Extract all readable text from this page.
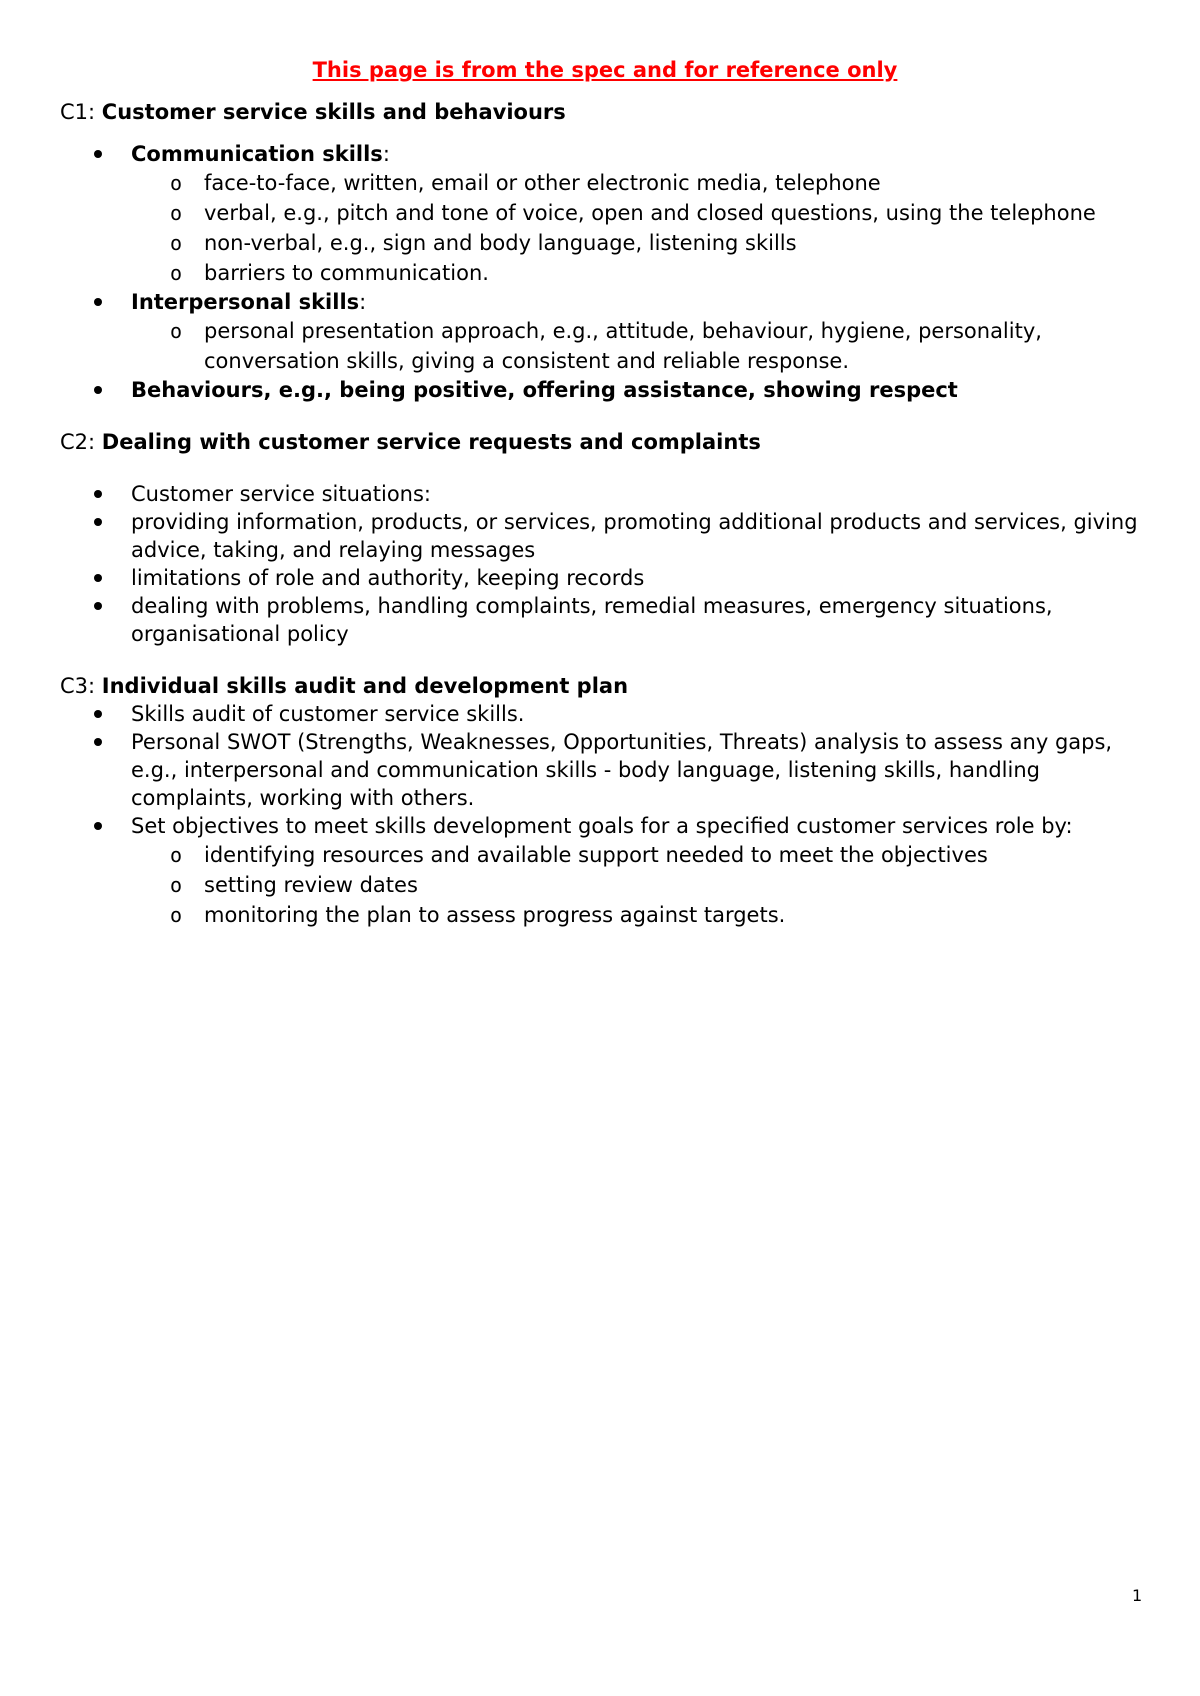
This page is from the spec and for reference only

C1: Customer service skills and behaviours

Communication skills:
o face-to-face, written, email or other electronic media, telephone
o verbal, e.g., pitch and tone of voice, open and closed questions, using the telephone
o non-verbal, e.g., sign and body language, listening skills
o barriers to communication.
Interpersonal skills:
o personal presentation approach, e.g., attitude, behaviour, hygiene, personality, conversation skills, giving a consistent and reliable response.
Behaviours, e.g., being positive, offering assistance, showing respect

C2: Dealing with customer service requests and complaints

Customer service situations:
providing information, products, or services, promoting additional products and services, giving advice, taking, and relaying messages
limitations of role and authority, keeping records
dealing with problems, handling complaints, remedial measures, emergency situations, organisational policy

C3: Individual skills audit and development plan

Skills audit of customer service skills.
Personal SWOT (Strengths, Weaknesses, Opportunities, Threats) analysis to assess any gaps, e.g., interpersonal and communication skills - body language, listening skills, handling complaints, working with others.
Set objectives to meet skills development goals for a specified customer services role by:
o identifying resources and available support needed to meet the objectives
o setting review dates
o monitoring the plan to assess progress against targets.
1
